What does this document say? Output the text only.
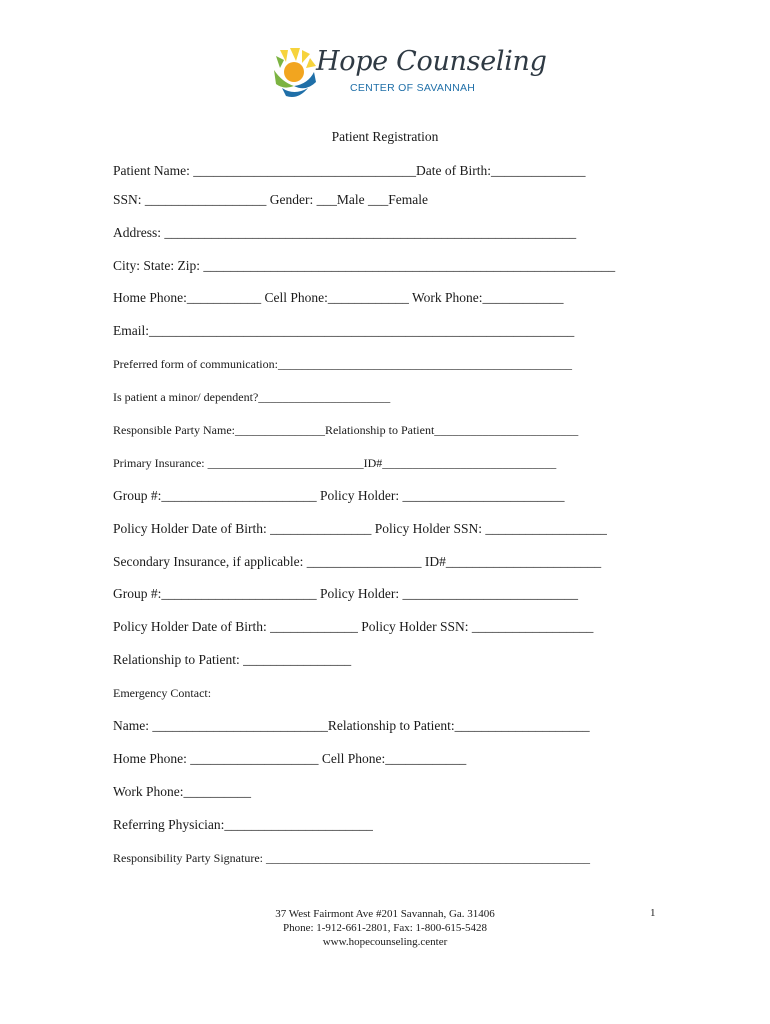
Hope Counseling
CENTER OF SAVANNAH
Patient Registration
Patient Name: _________________________________Date of Birth:______________
SSN: __________________ Gender: ___Male ___Female
Address: _____________________________________________________________
City: State: Zip: _____________________________________________________________
Home Phone:___________ Cell Phone:____________ Work Phone:____________
Email:_______________________________________________________________
Preferred form of communication:_________________________________________________
Is patient a minor/ dependent?______________________
Responsible Party Name:_______________Relationship to Patient________________________
Primary Insurance: __________________________ID#_____________________________
Group #:_______________________ Policy Holder: ________________________
Policy Holder Date of Birth: _______________ Policy Holder SSN: __________________
Secondary Insurance, if applicable: _________________ ID#_______________________
Group #:_______________________ Policy Holder: __________________________
Policy Holder Date of Birth: _____________ Policy Holder SSN: __________________
Relationship to Patient: ________________
Emergency Contact:
Name: __________________________Relationship to Patient:____________________
Home Phone: ___________________ Cell Phone:____________
Work Phone:__________
Referring Physician:______________________
Responsibility Party Signature: ______________________________________________________
37 West Fairmont Ave #201 Savannah, Ga. 31406
Phone: 1-912-661-2801, Fax: 1-800-615-5428
www.hopecounseling.center
1
